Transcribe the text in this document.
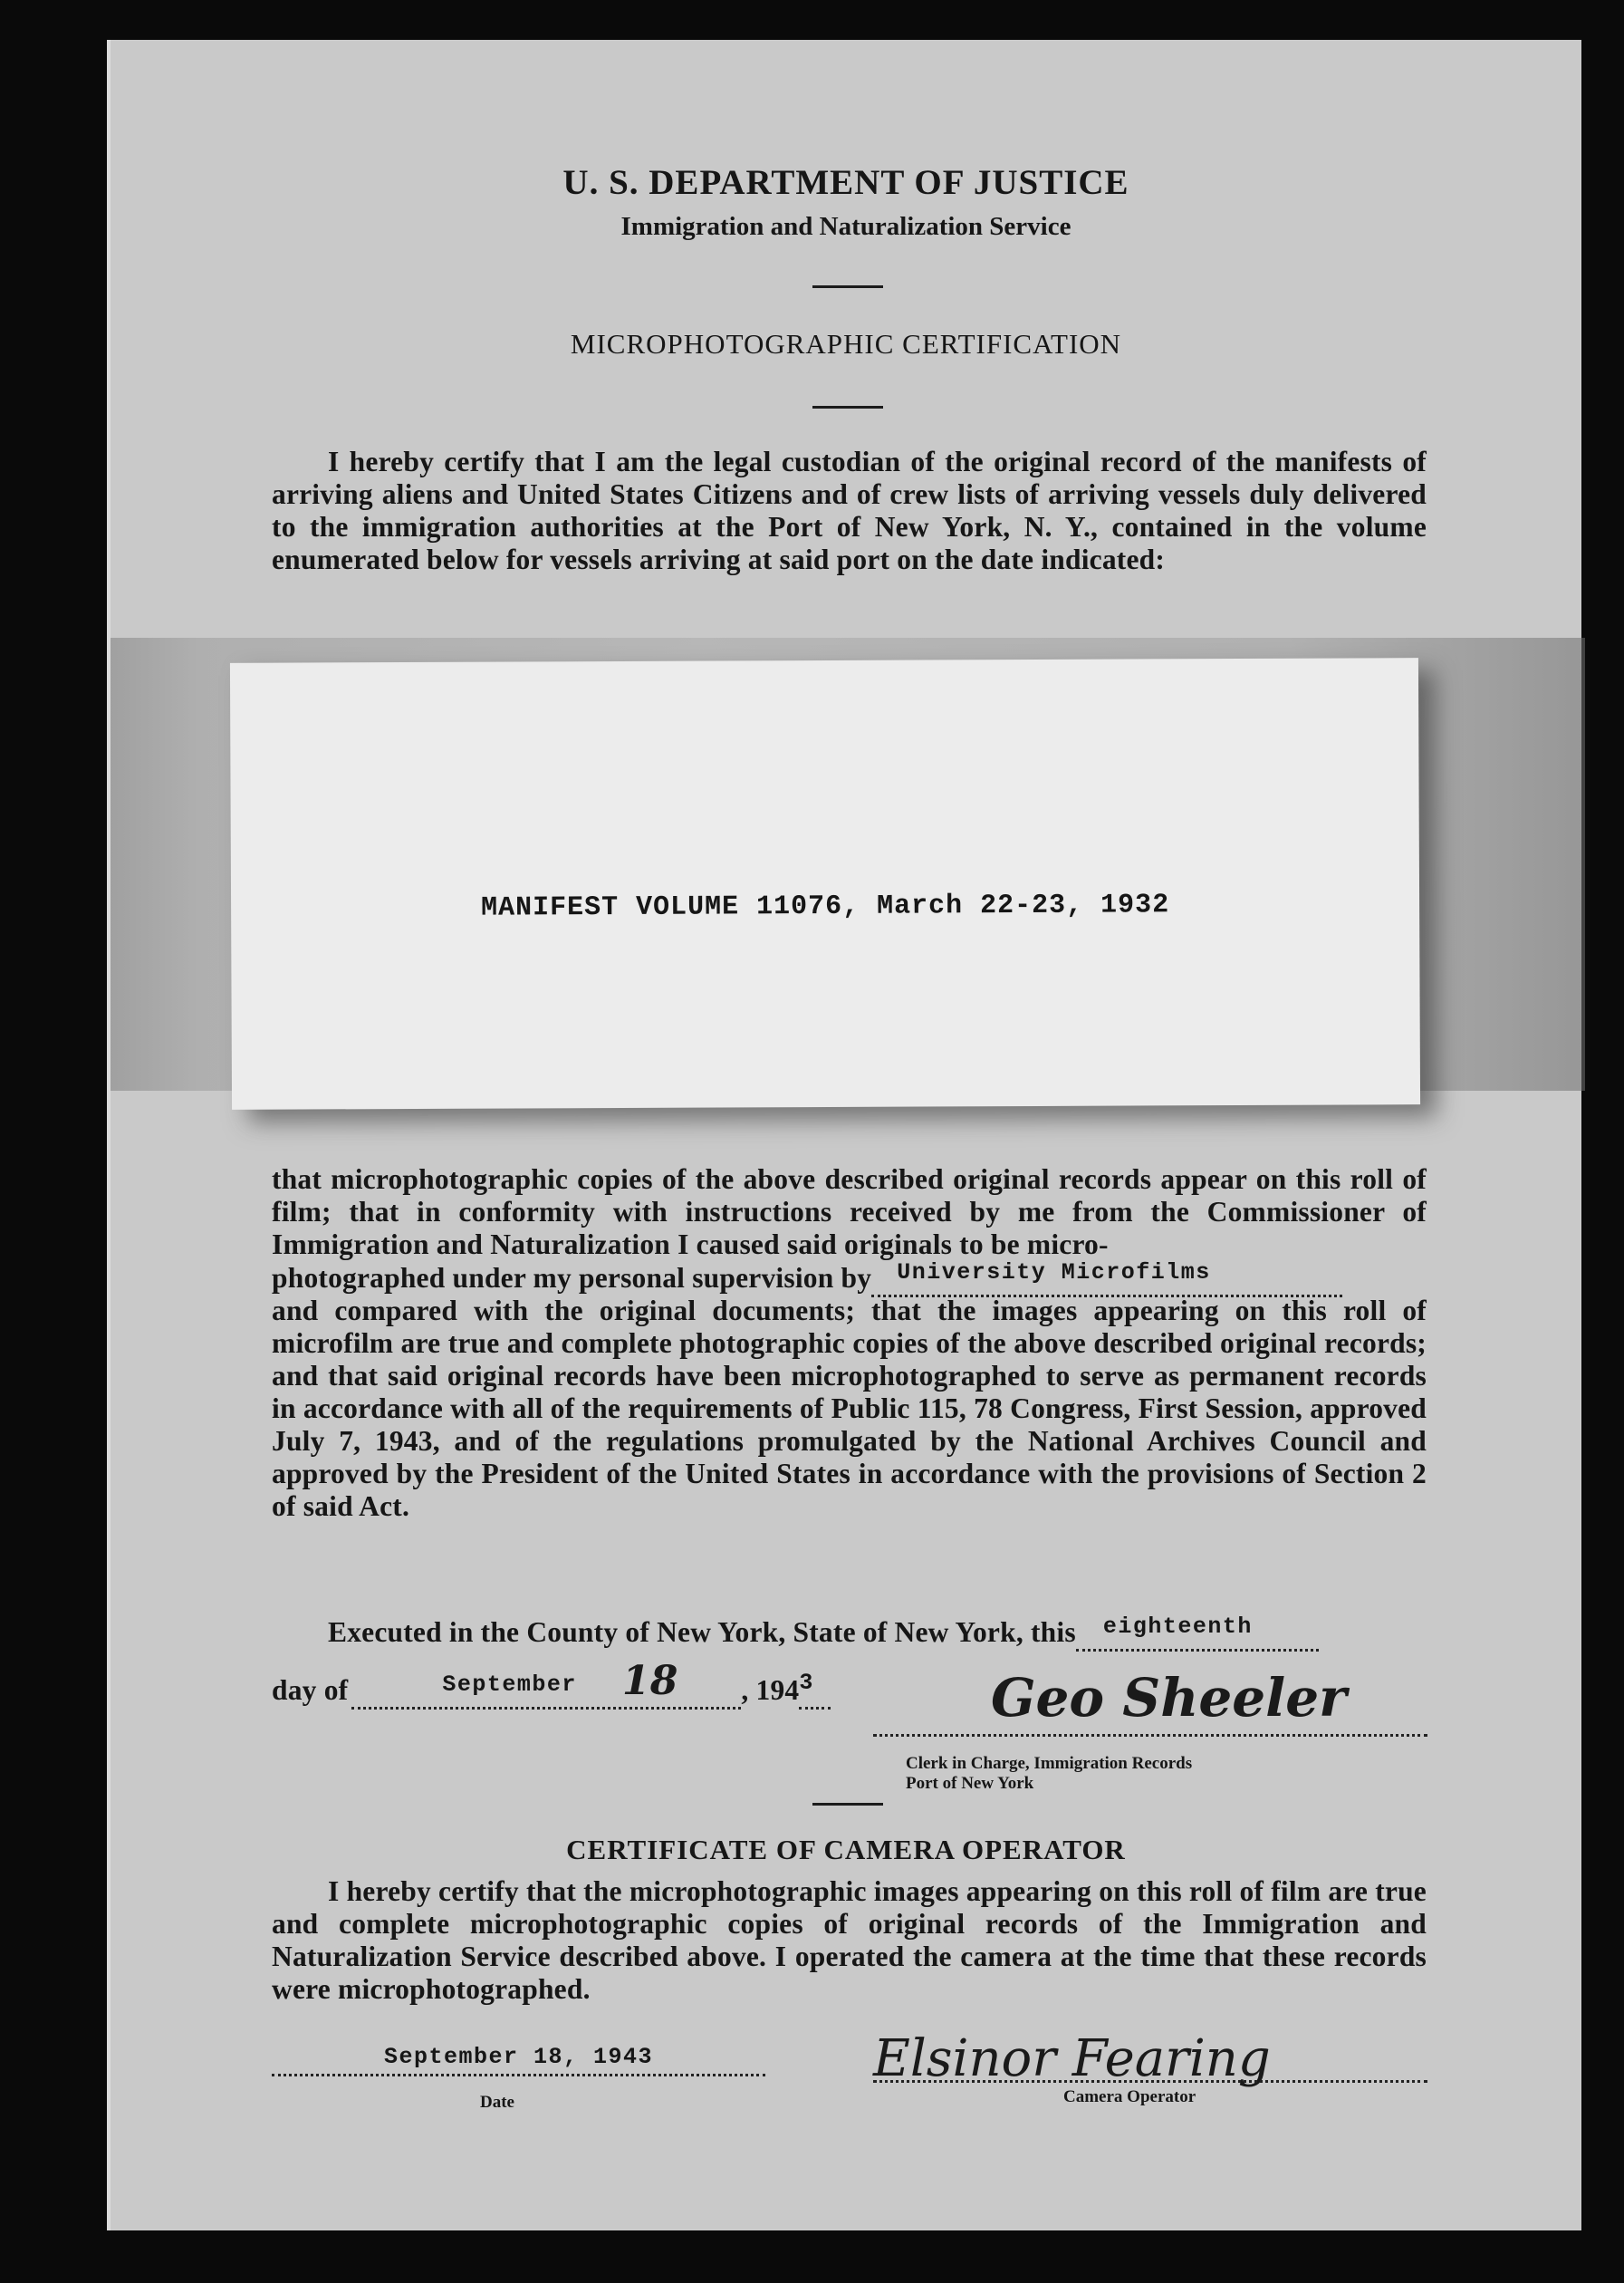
U. S. DEPARTMENT OF JUSTICE
Immigration and Naturalization Service
MICROPHOTOGRAPHIC CERTIFICATION
I hereby certify that I am the legal custodian of the original record of the manifests of arriving aliens and United States Citizens and of crew lists of arriving vessels duly delivered to the immigration authorities at the Port of New York, N. Y., contained in the volume enumerated below for vessels arriving at said port on the date indicated:
MANIFEST VOLUME 11076, March 22-23, 1932
that microphotographic copies of the above described original records appear on this roll of film; that in conformity with instructions received by me from the Commissioner of Immigration and Naturalization I caused said originals to be micro-
photographed under my personal supervision by University Microfilms
and compared with the original documents; that the images appearing on this roll of microfilm are true and complete photographic copies of the above described original records; and that said original records have been microphotographed to serve as permanent records in accordance with all of the requirements of Public 115, 78 Congress, First Session, approved July 7, 1943, and of the regulations promulgated by the National Archives Council and approved by the President of the United States in accordance with the provisions of Section 2 of said Act.
Executed in the County of New York, State of New York, this eighteenth
day of	September 18 , $194^3$	Geo Sheeler
Clerk in Charge, Immigration Records
Port of New York
CERTIFICATE OF CAMERA OPERATOR
I hereby certify that the microphotographic images appearing on this roll of film are true and complete microphotographic copies of original records of the Immigration and Naturalization Service described above. I operated the camera at the time that these records were microphotographed.
September 18, 1943
Date
Elsinor Fearing
Camera Operator
